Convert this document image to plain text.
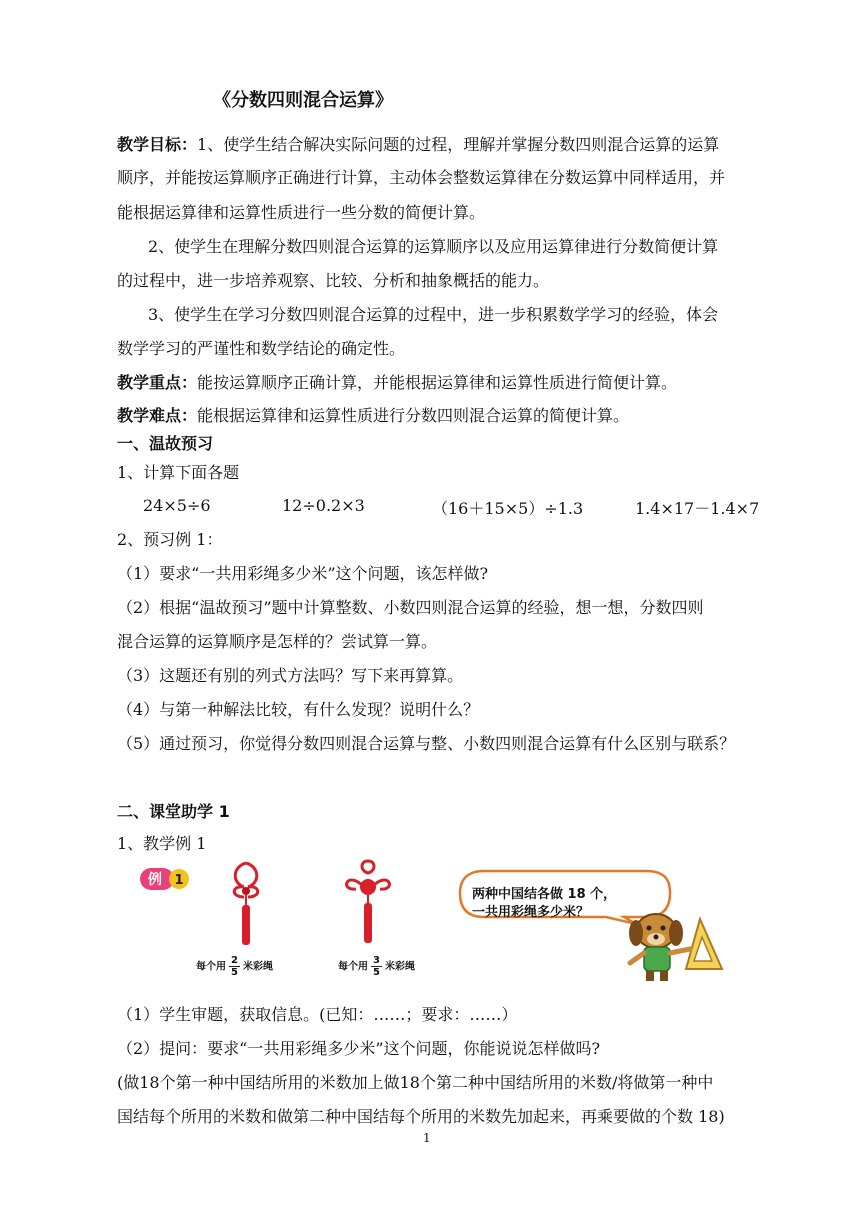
《分数四则混合运算》
教学目标：1、使学生结合解决实际问题的过程，理解并掌握分数四则混合运算的运算
顺序，并能按运算顺序正确进行计算，主动体会整数运算律在分数运算中同样适用，并
能根据运算律和运算性质进行一些分数的简便计算。
2、使学生在理解分数四则混合运算的运算顺序以及应用运算律进行分数简便计算
的过程中，进一步培养观察、比较、分析和抽象概括的能力。
3、使学生在学习分数四则混合运算的过程中，进一步积累数学学习的经验，体会
数学学习的严谨性和数学结论的确定性。
教学重点：能按运算顺序正确计算，并能根据运算律和运算性质进行简便计算。
教学难点：能根据运算律和运算性质进行分数四则混合运算的简便计算。
一、温故预习
1、计算下面各题
24×5÷6	12÷0.2×3	（16＋15×5）÷1.3	1.4×17－1.4×7
2、预习例 1：
（1）要求“一共用彩绳多少米”这个问题，该怎样做?
（2）根据“温故预习”题中计算整数、小数四则混合运算的经验，想一想，分数四则
混合运算的运算顺序是怎样的？尝试算一算。
（3）这题还有别的列式方法吗？写下来再算算。
（4）与第一种解法比较，有什么发现？说明什么？
（5）通过预习，你觉得分数四则混合运算与整、小数四则混合运算有什么区别与联系？
二、课堂助学 1
1、教学例 1
例 1
每个用 $\frac{2}{5}$ 米彩绳	每个用 $\frac{3}{5}$ 米彩绳
两种中国结各做 18 个，
一共用彩绳多少米？
（1）学生审题，获取信息。(已知：……；要求：……）
（2）提问：要求“一共用彩绳多少米”这个问题，你能说说怎样做吗?
(做18个第一种中国结所用的米数加上做18个第二种中国结所用的米数/将做第一种中
国结每个所用的米数和做第二种中国结每个所用的米数先加起来，再乘要做的个数 18)
1
